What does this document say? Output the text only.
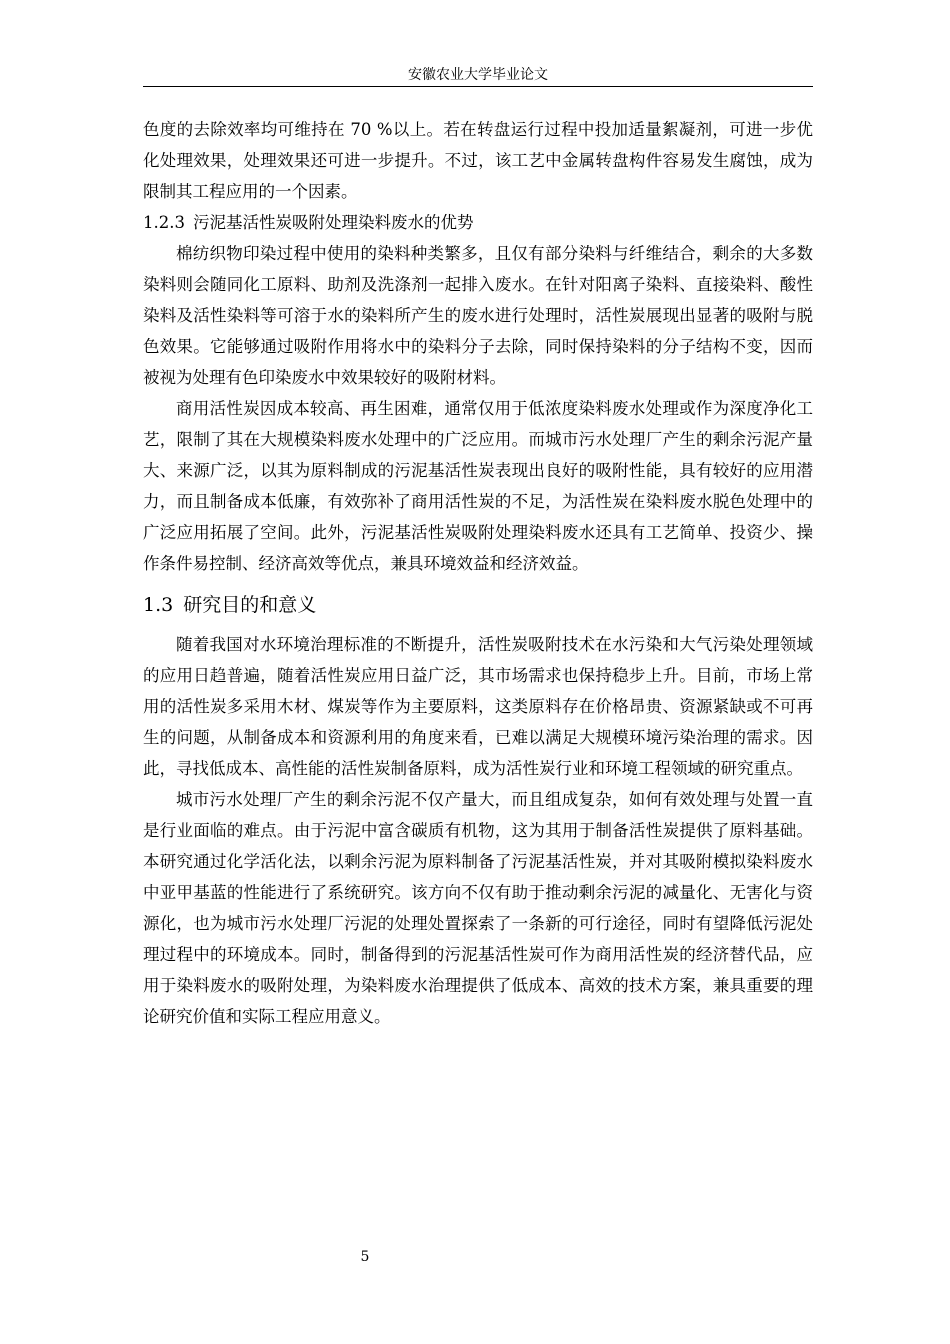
安徽农业大学毕业论文

色度的去除效率均可维持在 70 %以上。若在转盘运行过程中投加适量絮凝剂，可进一步优化处理效果，处理效果还可进一步提升。不过，该工艺中金属转盘构件容易发生腐蚀，成为限制其工程应用的一个因素。

1.2.3 污泥基活性炭吸附处理染料废水的优势

棉纺织物印染过程中使用的染料种类繁多，且仅有部分染料与纤维结合，剩余的大多数染料则会随同化工原料、助剂及洗涤剂一起排入废水。在针对阳离子染料、直接染料、酸性染料及活性染料等可溶于水的染料所产生的废水进行处理时，活性炭展现出显著的吸附与脱色效果。它能够通过吸附作用将水中的染料分子去除，同时保持染料的分子结构不变，因而被视为处理有色印染废水中效果较好的吸附材料。

商用活性炭因成本较高、再生困难，通常仅用于低浓度染料废水处理或作为深度净化工艺，限制了其在大规模染料废水处理中的广泛应用。而城市污水处理厂产生的剩余污泥产量大、来源广泛，以其为原料制成的污泥基活性炭表现出良好的吸附性能，具有较好的应用潜力，而且制备成本低廉，有效弥补了商用活性炭的不足，为活性炭在染料废水脱色处理中的广泛应用拓展了空间。此外，污泥基活性炭吸附处理染料废水还具有工艺简单、投资少、操作条件易控制、经济高效等优点，兼具环境效益和经济效益。

1.3 研究目的和意义

随着我国对水环境治理标准的不断提升，活性炭吸附技术在水污染和大气污染处理领域的应用日趋普遍，随着活性炭应用日益广泛，其市场需求也保持稳步上升。目前，市场上常用的活性炭多采用木材、煤炭等作为主要原料，这类原料存在价格昂贵、资源紧缺或不可再生的问题，从制备成本和资源利用的角度来看，已难以满足大规模环境污染治理的需求。因此，寻找低成本、高性能的活性炭制备原料，成为活性炭行业和环境工程领域的研究重点。

城市污水处理厂产生的剩余污泥不仅产量大，而且组成复杂，如何有效处理与处置一直是行业面临的难点。由于污泥中富含碳质有机物，这为其用于制备活性炭提供了原料基础。本研究通过化学活化法，以剩余污泥为原料制备了污泥基活性炭，并对其吸附模拟染料废水中亚甲基蓝的性能进行了系统研究。该方向不仅有助于推动剩余污泥的减量化、无害化与资源化，也为城市污水处理厂污泥的处理处置探索了一条新的可行途径，同时有望降低污泥处理过程中的环境成本。同时，制备得到的污泥基活性炭可作为商用活性炭的经济替代品，应用于染料废水的吸附处理，为染料废水治理提供了低成本、高效的技术方案，兼具重要的理论研究价值和实际工程应用意义。

5
